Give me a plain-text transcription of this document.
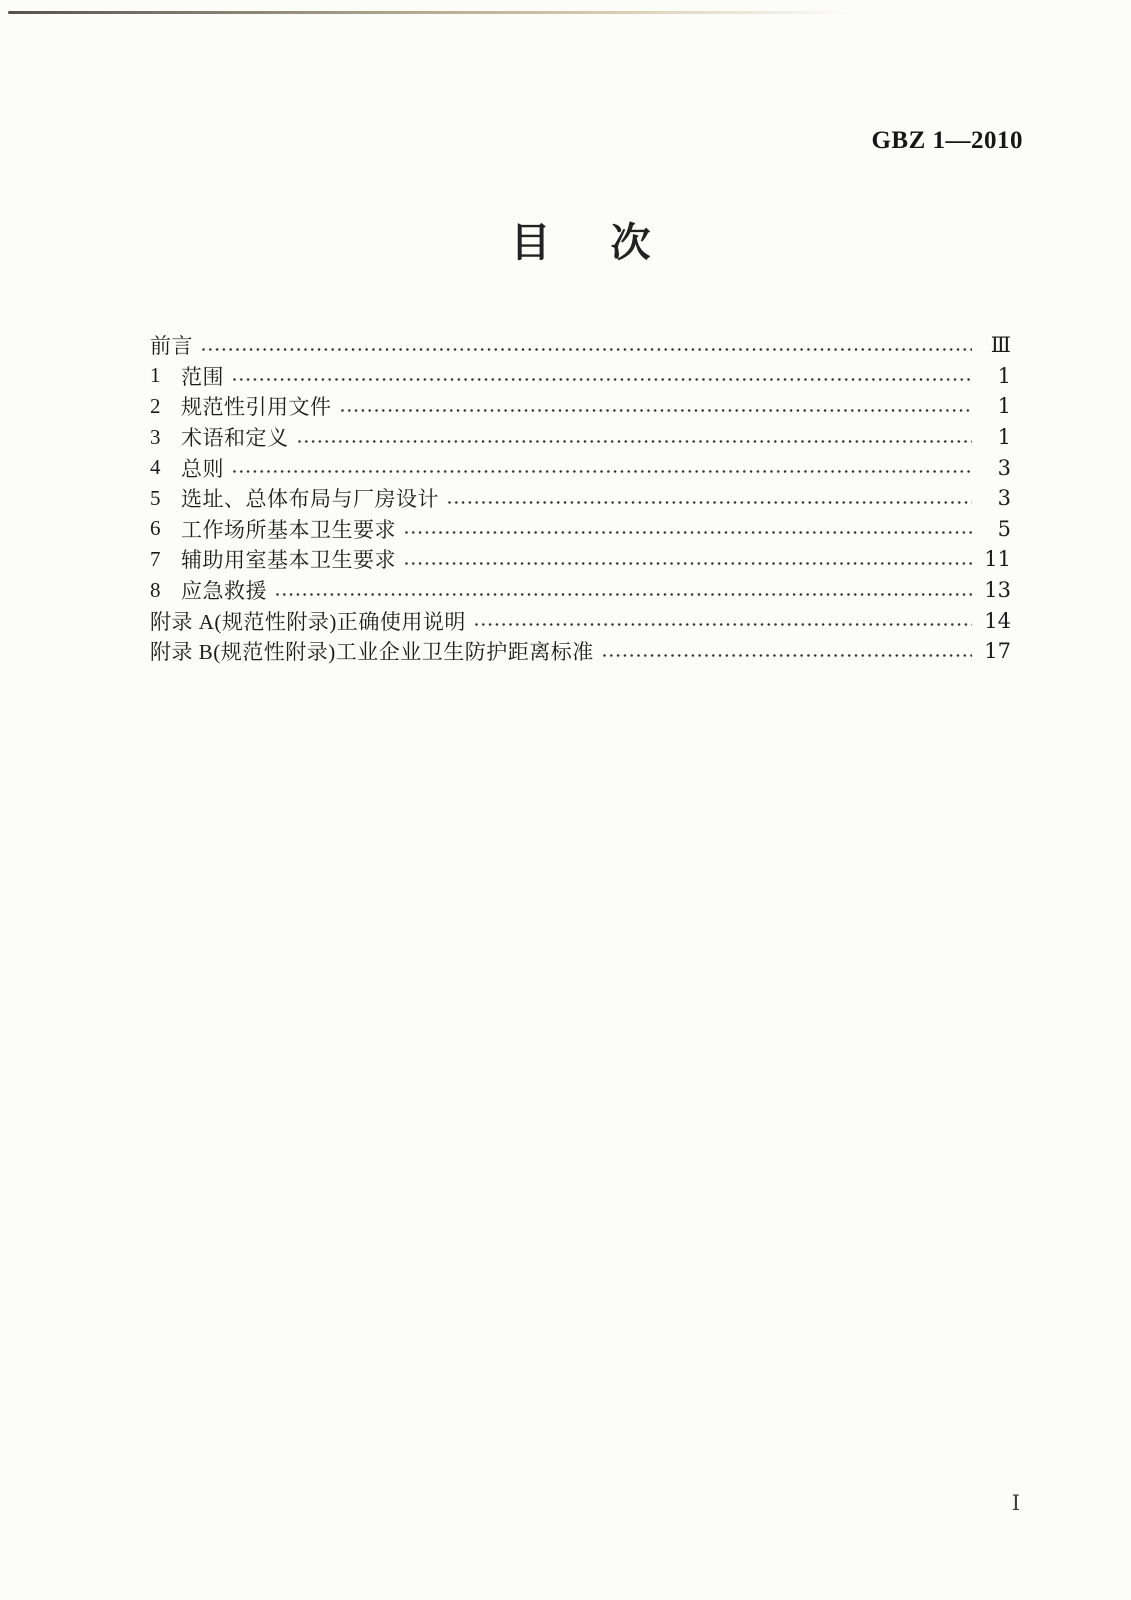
GBZ 1—2010
目 次
前言	Ⅲ
1 范围	1
2 规范性引用文件	1
3 术语和定义	1
4 总则	3
5 选址、总体布局与厂房设计	3
6 工作场所基本卫生要求	5
7 辅助用室基本卫生要求	11
8 应急救援	13
附录 A(规范性附录)正确使用说明	14
附录 B(规范性附录)工业企业卫生防护距离标准	17
Ⅰ
